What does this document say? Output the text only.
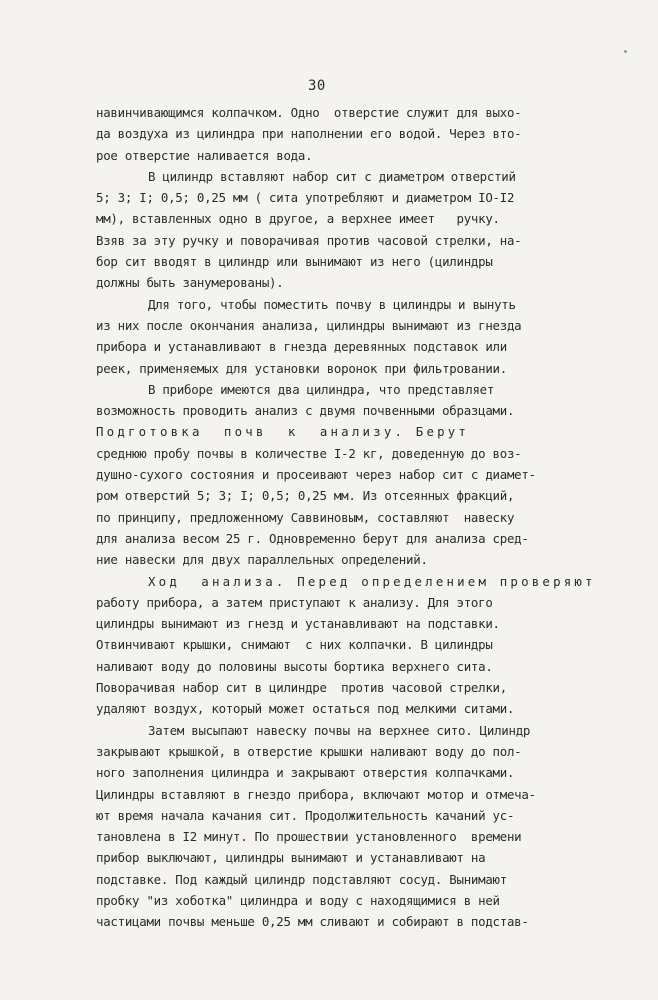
30
навинчивающимся колпачком. Одно  отверстие служит для выхо-
да воздуха из цилиндра при наполнении его водой. Через вто-
рое отверстие наливается вода.
В цилиндр вставляют набор сит с диаметром отверстий
5; 3; I; 0,5; 0,25 мм ( сита употребляют и диаметром IO-I2
мм), вставленных одно в другое, а верхнее имеет   ручку.
Взяв за эту ручку и поворачивая против часовой стрелки, на-
бор сит вводят в цилиндр или вынимают из него (цилиндры
должны быть занумерованы).
Для того, чтобы поместить почву в цилиндры и вынуть
из них после окончания анализа, цилиндры вынимают из гнезда
прибора и устанавливают в гнезда деревянных подставок или
реек, применяемых для установки воронок при фильтровании.
В приборе имеются два цилиндра, что представляет
возможность проводить анализ с двумя почвенными образцами.
Подготовка  почв  к  анализу. Берут
среднюю пробу почвы в количестве I-2 кг, доведенную до воз-
душно-сухого состояния и просеивают через набор сит с диамет-
ром отверстий 5; 3; I; 0,5; 0,25 мм. Из отсеянных фракций,
по принципу, предложенному Саввиновым, составляют  навеску
для анализа весом 25 г. Одновременно берут для анализа сред-
ние навески для двух параллельных определений.
Ход  анализа. Перед определением проверяют
работу прибора, а затем приступают к анализу. Для этого
цилиндры вынимают из гнезд и устанавливают на подставки.
Отвинчивают крышки, снимают  с них колпачки. В цилиндры
наливают воду до половины высоты бортика верхнего сита.
Поворачивая набор сит в цилиндре  против часовой стрелки,
удаляют воздух, который может остаться под мелкими ситами.
Затем высыпают навеску почвы на верхнее сито. Цилиндр
закрывают крышкой, в отверстие крышки наливают воду до пол-
ного заполнения цилиндра и закрывают отверстия колпачками.
Цилиндры вставляют в гнездо прибора, включают мотор и отмеча-
ют время начала качания сит. Продолжительность качаний ус-
тановлена в I2 минут. По прошествии установленного  времени
прибор выключают, цилиндры вынимают и устанавливают на
подставке. Под каждый цилиндр подставляют сосуд. Вынимают
пробку "из хоботка" цилиндра и воду с находящимися в ней
частицами почвы меньше 0,25 мм сливают и собирают в подстав-
